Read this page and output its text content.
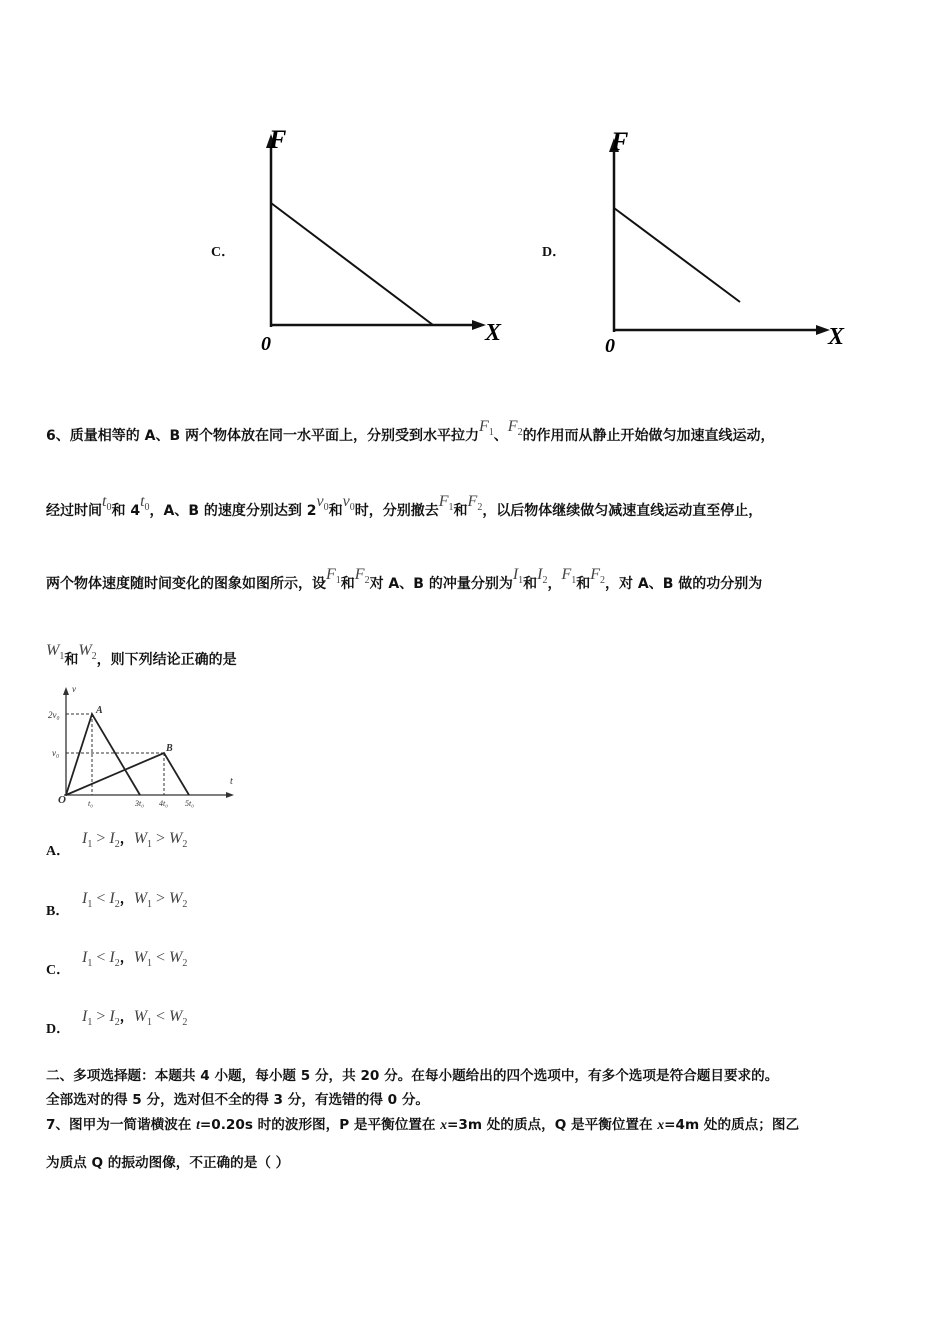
C．
F
X
0
D．
F
X
0
6、质量相等的 A、B 两个物体放在同一水平面上，分别受到水平拉力$F_1$、$F_2$的作用而从静止开始做匀加速直线运动，
经过时间$t_0$和 $4t_0$，A、B 的速度分别达到 $2v_0$和$v_0$时，分别撤去$F_1$和$F_2$，以后物体继续做匀减速直线运动直至停止，
两个物体速度随时间变化的图象如图所示，设$F_1$和$F_2$对 A、B 的冲量分别为$I_1$和$I_2$，$F_1$和$F_2$，对 A、B 做的功分别为
$W_1$和$W_2$，则下列结论正确的是
v
t
O
2v₀
v₀
t₀	3t₀ 4t₀ 5t₀
A
B
A．
$I_1 > I_2$，$W_1 > W_2$
B．
$I_1 < I_2$，$W_1 > W_2$
C．
$I_1 < I_2$，$W_1 < W_2$
D．
$I_1 > I_2$，$W_1 < W_2$
二、多项选择题：本题共 4 小题，每小题 5 分，共 20 分。在每小题给出的四个选项中，有多个选项是符合题目要求的。
全部选对的得 5 分，选对但不全的得 3 分，有选错的得 0 分。
7、图甲为一简谐横波在 t=0.20s 时的波形图，P 是平衡位置在 x=3m 处的质点，Q 是平衡位置在 x=4m 处的质点；图乙
为质点 Q 的振动图像，不正确的是（ ）
